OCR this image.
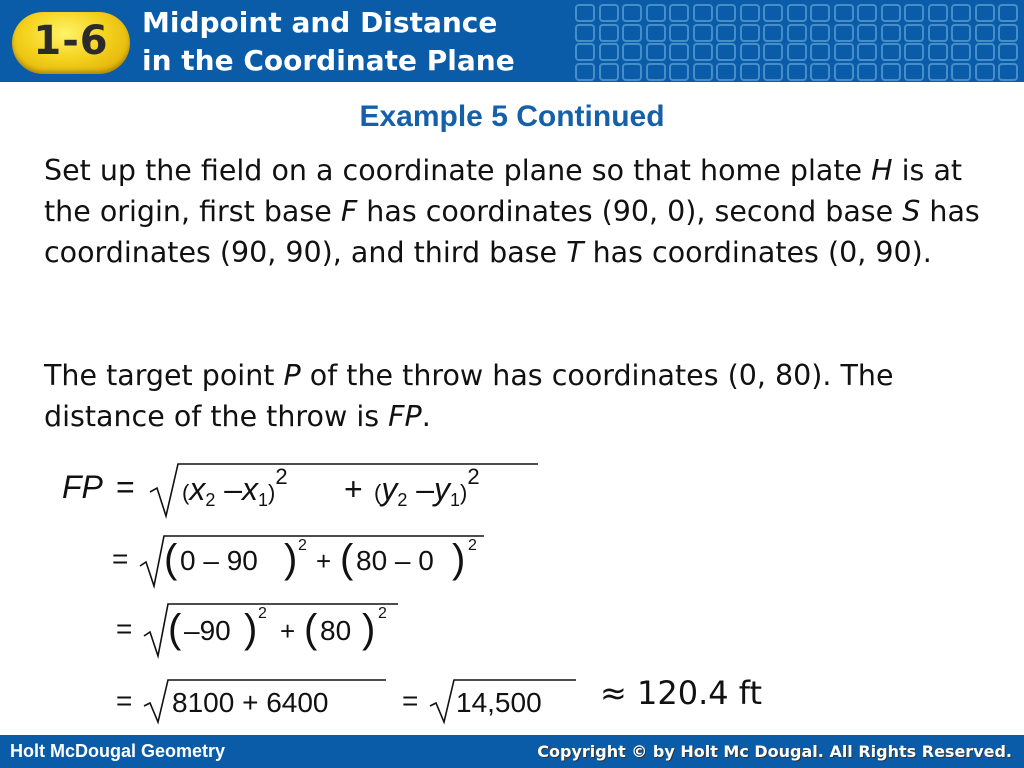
1-6	Midpoint and Distance
in the Coordinate Plane
Example 5 Continued
Set up the field on a coordinate plane so that home plate H is at the origin, first base F has coordinates (90, 0), second base S has coordinates (90, 90), and third base T has coordinates (0, 90).
The target point P of the throw has coordinates (0, 80). The distance of the throw is FP.
FP = (x2 –x1)$^2$ + (y2 –y1)$^2$
= ( 0 – 90 ) 2
+ ( 80 – 0 ) 2
= ( –90 ) 2
+ ( 80 ) 2
= 8100 + 6400	= 14,500 ≈ 120.4 ft
Holt McDougal Geometry	Copyright © by Holt Mc Dougal. All Rights Reserved.
